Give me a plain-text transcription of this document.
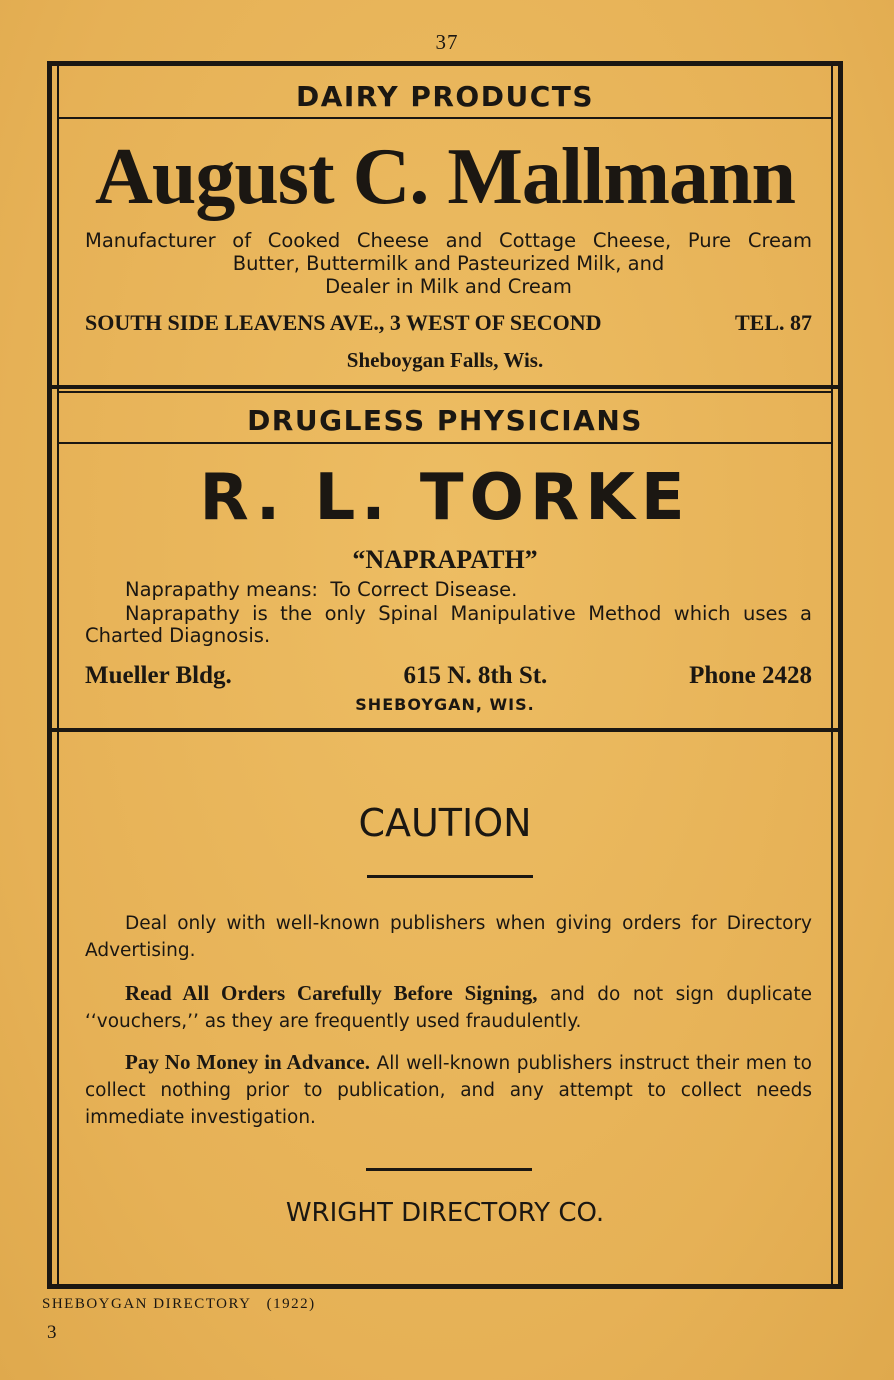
37
DAIRY PRODUCTS
August C. Mallmann
Manufacturer of Cooked Cheese and Cottage Cheese, Pure Cream
Butter, Buttermilk and Pasteurized Milk, and
Dealer in Milk and Cream
SOUTH SIDE LEAVENS AVE., 3 WEST OF SECOND	TEL. 87
Sheboygan Falls, Wis.
DRUGLESS PHYSICIANS
R. L. TORKE
“NAPRAPATH”
Naprapathy means:  To Correct Disease.
Naprapathy is the only Spinal Manipulative Method which uses a
Charted Diagnosis.
Mueller Bldg.	615 N. 8th St.	Phone 2428
SHEBOYGAN, WIS.
CAUTION

Deal only with well-known publishers when giving orders for Directory Advertising.

Read All Orders Carefully Before Signing, and do not sign duplicate ‘‘vouchers,’’ as they are frequently used fraudulently.

Pay No Money in Advance. All well-known publishers instruct their men to collect nothing prior to publication, and any attempt to collect needs immediate investigation.

WRIGHT DIRECTORY CO.
SHEBOYGAN DIRECTORY   (1922)
3
